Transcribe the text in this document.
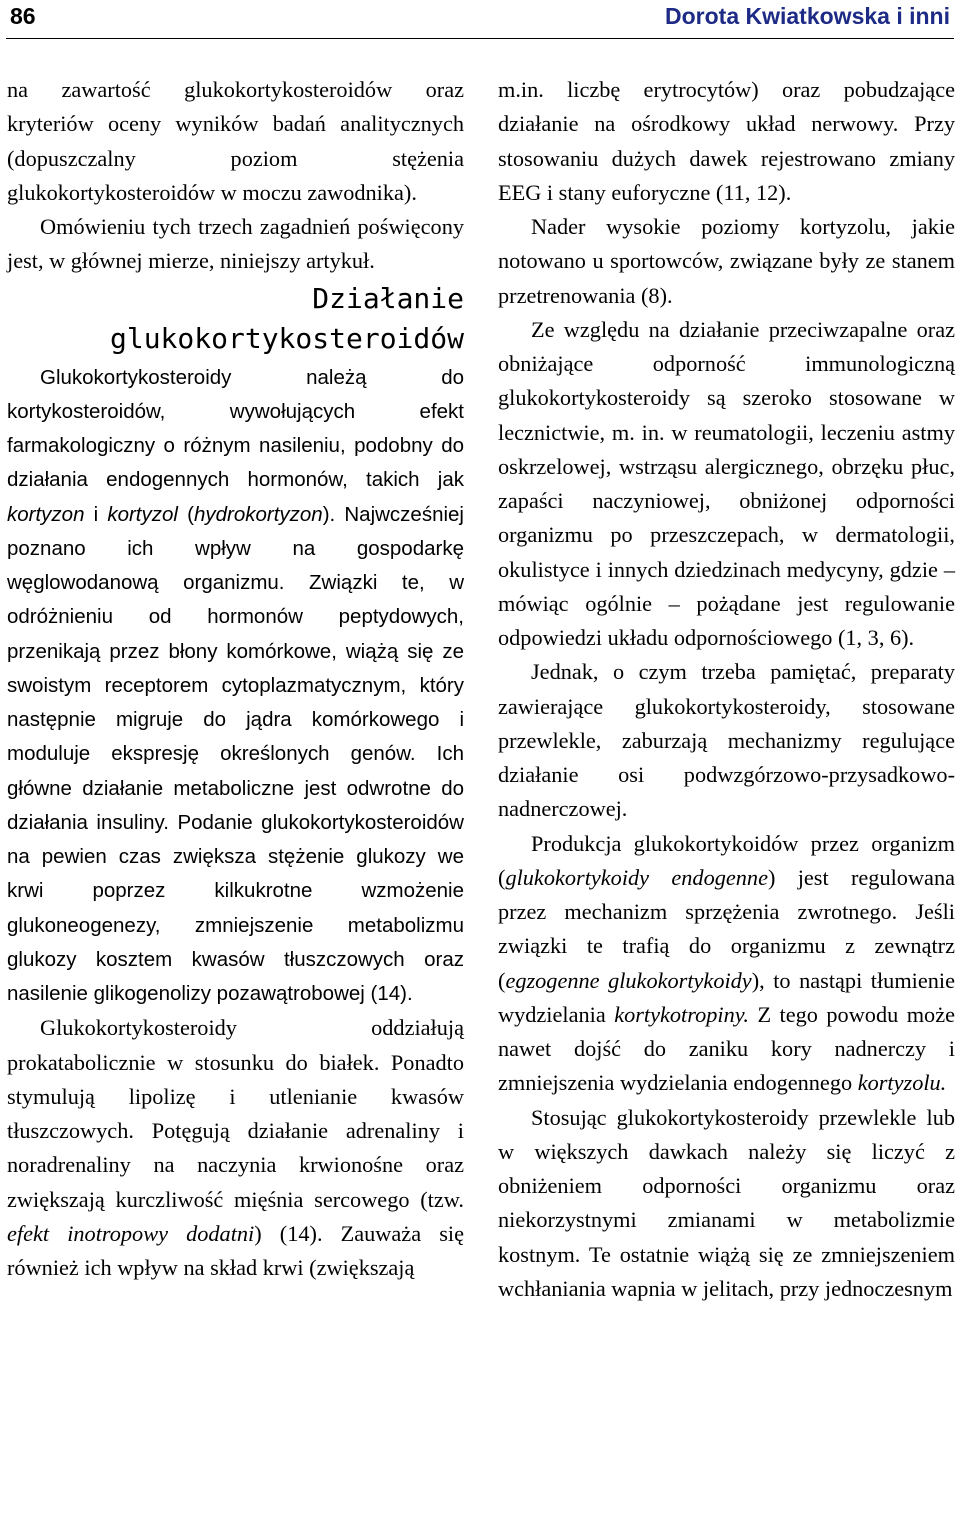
86	Dorota Kwiatkowska i inni

na zawartość glukokortykosteroidów oraz kryteriów oceny wyników badań analitycznych (dopuszczalny poziom stężenia glukokortykosteroidów w moczu zawodnika).

Omówieniu tych trzech zagadnień poświęcony jest, w głównej mierze, niniejszy artykuł.

Działanie
glukokortykosteroidów

Glukokortykosteroidy należą do kortykosteroidów, wywołujących efekt farmakologiczny o różnym nasileniu, podobny do działania endogennych hormonów, takich jak kortyzon i kortyzol (hydrokortyzon). Najwcześniej poznano ich wpływ na gospodarkę węglowodanową organizmu. Związki te, w odróżnieniu od hormonów peptydowych, przenikają przez błony komórkowe, wiążą się ze swoistym receptorem cytoplazmatycznym, który następnie migruje do jądra komórkowego i moduluje ekspresję określonych genów. Ich główne działanie metaboliczne jest odwrotne do działania insuliny. Podanie glukokortykosteroidów na pewien czas zwiększa stężenie glukozy we krwi poprzez kilkukrotne wzmożenie glukoneogenezy, zmniejszenie metabolizmu glukozy kosztem kwasów tłuszczowych oraz nasilenie glikogenolizy pozawątrobowej (14).

Glukokortykosteroidy oddziałują prokatabolicznie w stosunku do białek. Ponadto stymulują lipolizę i utlenianie kwasów tłuszczowych. Potęgują działanie adrenaliny i noradrenaliny na naczynia krwionośne oraz zwiększają kurczliwość mięśnia sercowego (tzw. efekt inotropowy dodatni) (14). Zauważa się również ich wpływ na skład krwi (zwiększają

m.in. liczbę erytrocytów) oraz pobudzające działanie na ośrodkowy układ nerwowy. Przy stosowaniu dużych dawek rejestrowano zmiany EEG i stany euforyczne (11, 12).

Nader wysokie poziomy kortyzolu, jakie notowano u sportowców, związane były ze stanem przetrenowania (8).

Ze względu na działanie przeciwzapalne oraz obniżające odporność immunologiczną glukokortykosteroidy są szeroko stosowane w lecznictwie, m. in. w reumatologii, leczeniu astmy oskrzelowej, wstrząsu alergicznego, obrzęku płuc, zapaści naczyniowej, obniżonej odporności organizmu po przeszczepach, w dermatologii, okulistyce i innych dziedzinach medycyny, gdzie – mówiąc ogólnie – pożądane jest regulowanie odpowiedzi układu odpornościowego (1, 3, 6).

Jednak, o czym trzeba pamiętać, preparaty zawierające glukokortykosteroidy, stosowane przewlekle, zaburzają mechanizmy regulujące działanie osi podwzgórzowo-przysadkowo-nadnerczowej.

Produkcja glukokortykoidów przez organizm (glukokortykoidy endogenne) jest regulowana przez mechanizm sprzężenia zwrotnego. Jeśli związki te trafią do organizmu z zewnątrz (egzogenne glukokortykoidy), to nastąpi tłumienie wydzielania kortykotropiny. Z tego powodu może nawet dojść do zaniku kory nadnerczy i zmniejszenia wydzielania endogennego kortyzolu.

Stosując glukokortykosteroidy przewlekle lub w większych dawkach należy się liczyć z obniżeniem odporności organizmu oraz niekorzystnymi zmianami w metabolizmie kostnym. Te ostatnie wiążą się ze zmniejszeniem wchłaniania wapnia w jelitach, przy jednoczesnym
